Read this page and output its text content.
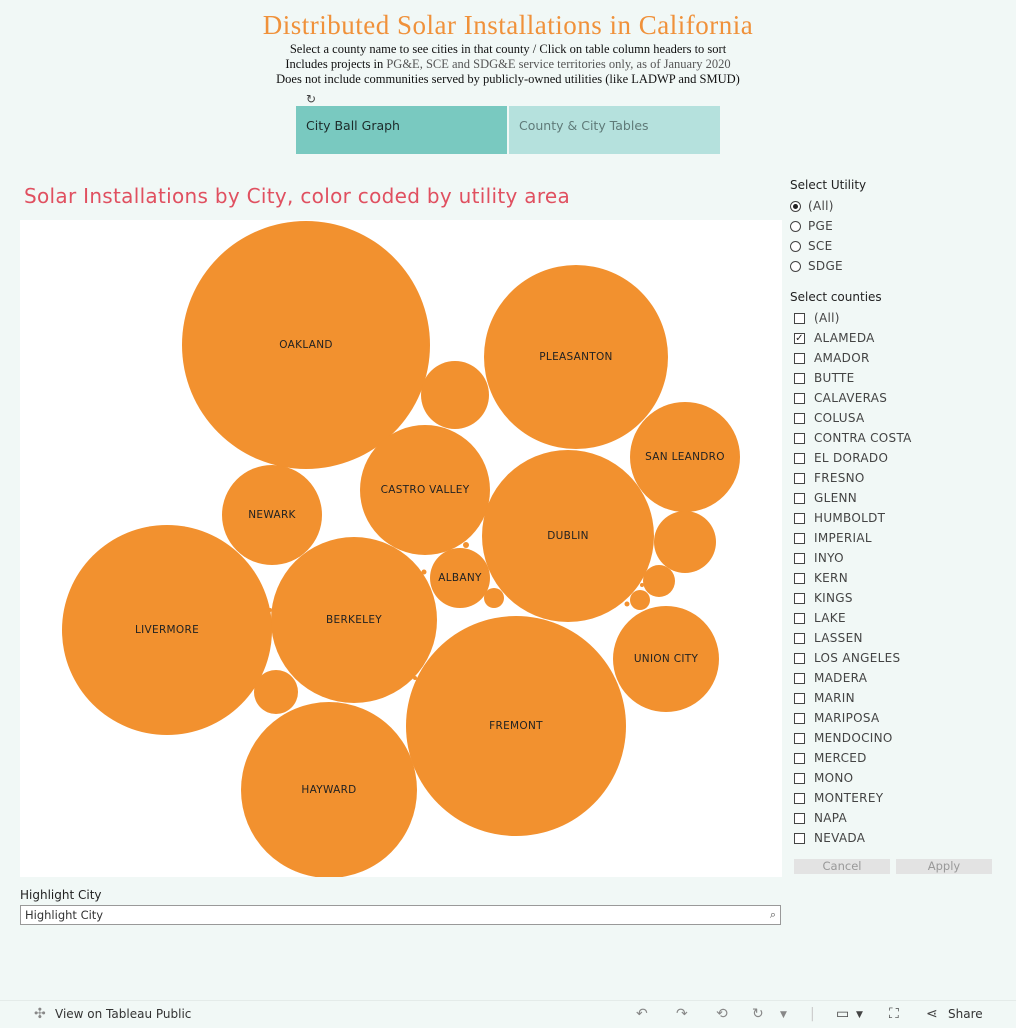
Distributed Solar Installations in California
Select a county name to see cities in that county / Click on table column headers to sort
Includes projects in PG&E, SCE and SDG&E service territories only, as of January 2020
Does not include communities served by publicly-owned utilities (like LADWP and SMUD)
↻
City Ball Graph	County & City Tables
Solar Installations by City, color coded by utility area
OAKLAND
PLEASANTON
SAN LEANDRO
CASTRO VALLEY
NEWARK
DUBLIN
ALBANY
LIVERMORE
BERKELEY
UNION CITY
FREMONT
HAYWARD
Select Utility
(All)
PGE
SCE
SDGE
Select counties
(All)
✓ ALAMEDA
AMADOR
BUTTE
CALAVERAS
COLUSA
CONTRA COSTA
EL DORADO
FRESNO
GLENN
HUMBOLDT
IMPERIAL
INYO
KERN
KINGS
LAKE
LASSEN
LOS ANGELES
MADERA
MARIN
MARIPOSA
MENDOCINO
MERCED
MONO
MONTEREY
NAPA
NEVADA
Cancel	Apply
Highlight City
Highlight City	⌕
✣ View on Tableau Public	↶ ↷ ⟲ ↻ ▼ | ▭ ▼ ⛶ ⋖ Share
